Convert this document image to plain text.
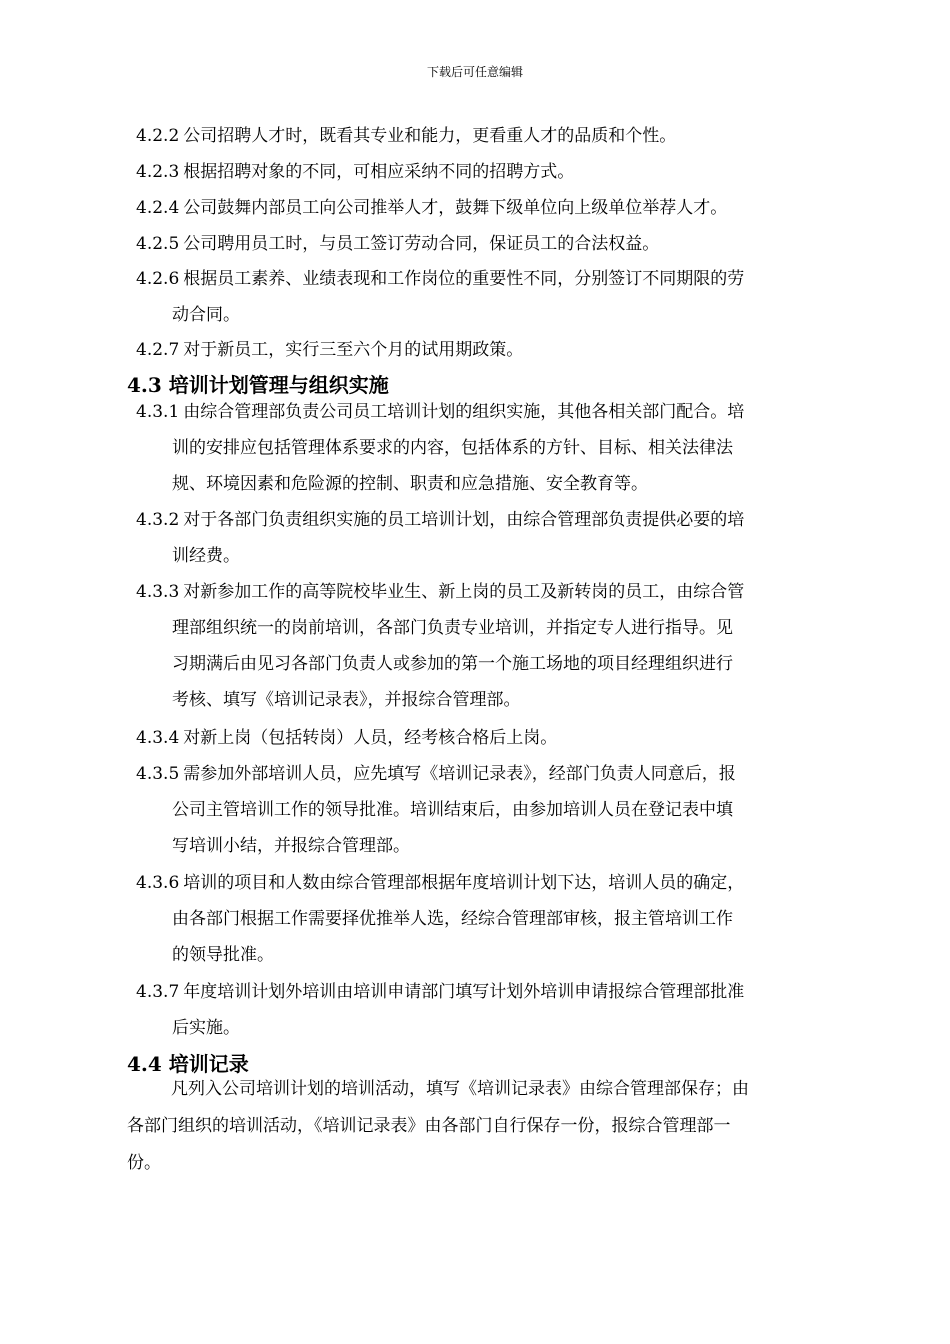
下载后可任意编辑
4.2.2 公司招聘人才时，既看其专业和能力，更看重人才的品质和个性。
4.2.3 根据招聘对象的不同，可相应采纳不同的招聘方式。
4.2.4 公司鼓舞内部员工向公司推举人才，鼓舞下级单位向上级单位举荐人才。
4.2.5 公司聘用员工时，与员工签订劳动合同，保证员工的合法权益。
4.2.6 根据员工素养、业绩表现和工作岗位的重要性不同，分别签订不同期限的劳
动合同。
4.2.7 对于新员工，实行三至六个月的试用期政策。
4.3 培训计划管理与组织实施
4.3.1 由综合管理部负责公司员工培训计划的组织实施，其他各相关部门配合。培
训的安排应包括管理体系要求的内容，包括体系的方针、目标、相关法律法
规、环境因素和危险源的控制、职责和应急措施、安全教育等。
4.3.2 对于各部门负责组织实施的员工培训计划，由综合管理部负责提供必要的培
训经费。
4.3.3 对新参加工作的高等院校毕业生、新上岗的员工及新转岗的员工，由综合管
理部组织统一的岗前培训，各部门负责专业培训，并指定专人进行指导。见
习期满后由见习各部门负责人或参加的第一个施工场地的项目经理组织进行
考核、填写《培训记录表》，并报综合管理部。
4.3.4 对新上岗（包括转岗）人员，经考核合格后上岗。
4.3.5 需参加外部培训人员，应先填写《培训记录表》，经部门负责人同意后，报
公司主管培训工作的领导批准。培训结束后，由参加培训人员在登记表中填
写培训小结，并报综合管理部。
4.3.6 培训的项目和人数由综合管理部根据年度培训计划下达，培训人员的确定，
由各部门根据工作需要择优推举人选，经综合管理部审核，报主管培训工作
的领导批准。
4.3.7 年度培训计划外培训由培训申请部门填写计划外培训申请报综合管理部批准
后实施。
4.4 培训记录
凡列入公司培训计划的培训活动，填写《培训记录表》由综合管理部保存；由
各部门组织的培训活动，《培训记录表》由各部门自行保存一份，报综合管理部一
份。
